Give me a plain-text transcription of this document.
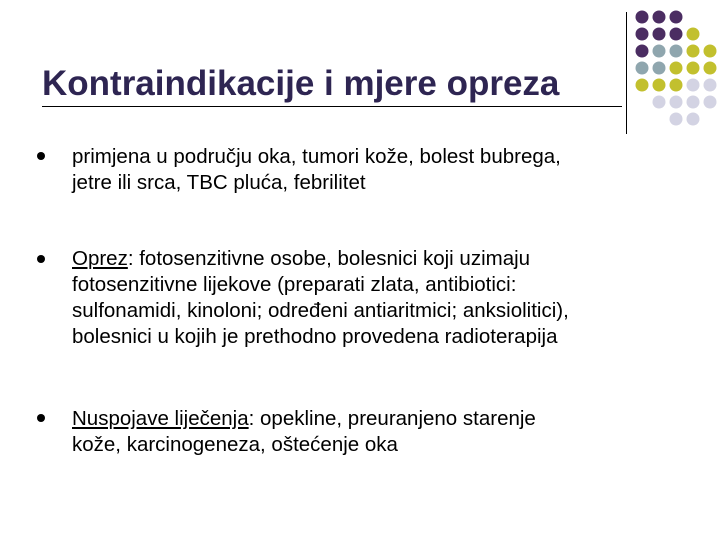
Kontraindikacije i mjere opreza
primjena u području oka, tumori kože, bolest bubrega,
jetre ili srca, TBC pluća, febrilitet
Oprez: fotosenzitivne osobe, bolesnici koji uzimaju
fotosenzitivne lijekove (preparati zlata, antibiotici:
sulfonamidi, kinoloni; određeni antiaritmici; anksiolitici),
bolesnici u kojih je prethodno provedena radioterapija
Nuspojave liječenja: opekline, preuranjeno starenje
kože, karcinogeneza, oštećenje oka
